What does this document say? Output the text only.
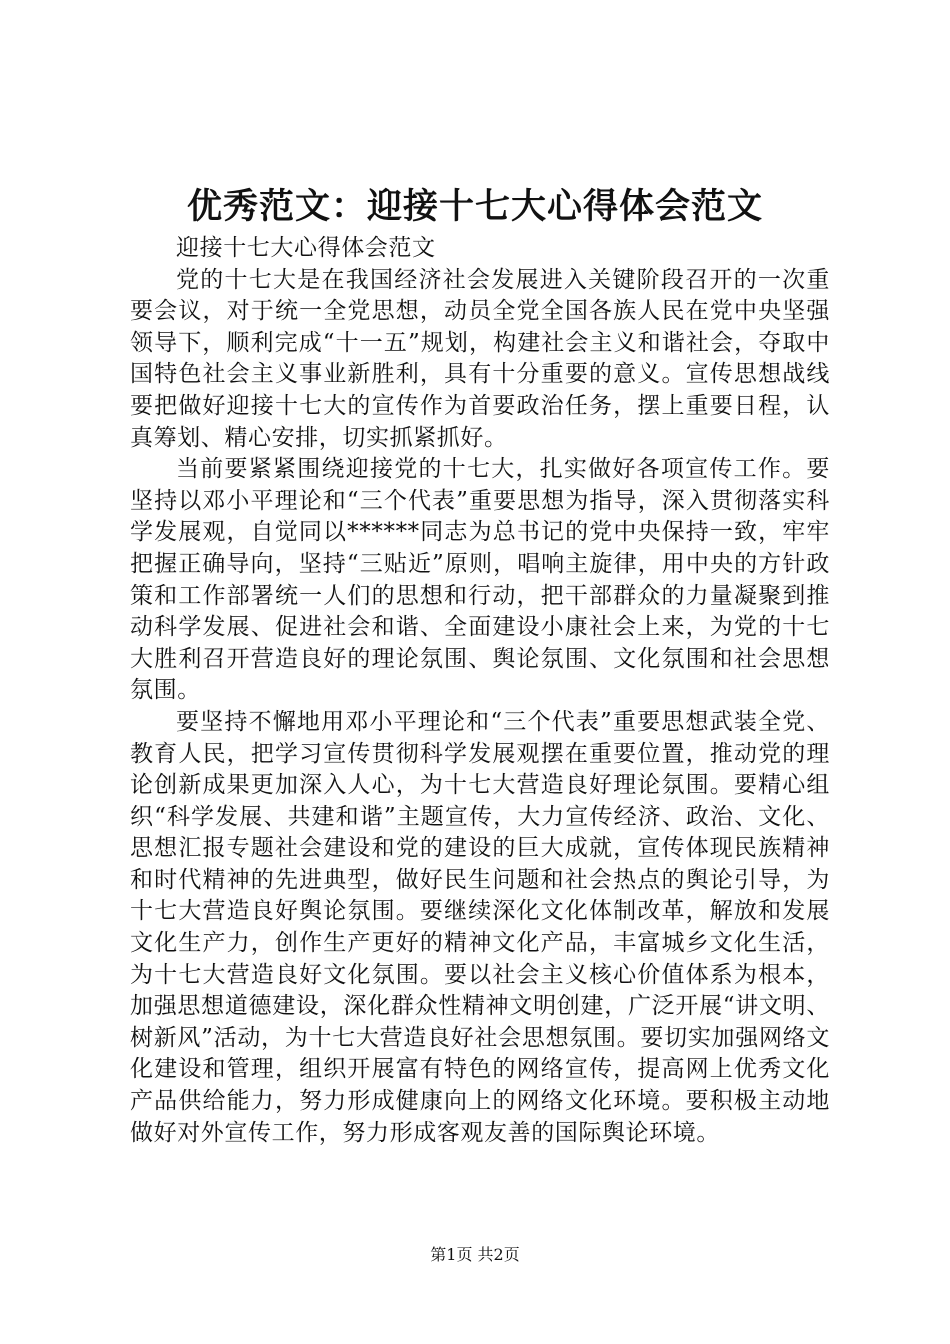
优秀范文：迎接十七大心得体会范文

迎接十七大心得体会范文

党的十七大是在我国经济社会发展进入关键阶段召开的一次重要会议，对于统一全党思想，动员全党全国各族人民在党中央坚强领导下，顺利完成“十一五”规划，构建社会主义和谐社会，夺取中国特色社会主义事业新胜利，具有十分重要的意义。宣传思想战线要把做好迎接十七大的宣传作为首要政治任务，摆上重要日程，认真筹划、精心安排，切实抓紧抓好。

当前要紧紧围绕迎接党的十七大，扎实做好各项宣传工作。要坚持以邓小平理论和“三个代表”重要思想为指导，深入贯彻落实科学发展观，自觉同以******同志为总书记的党中央保持一致，牢牢把握正确导向，坚持“三贴近”原则，唱响主旋律，用中央的方针政策和工作部署统一人们的思想和行动，把干部群众的力量凝聚到推动科学发展、促进社会和谐、全面建设小康社会上来，为党的十七大胜利召开营造良好的理论氛围、舆论氛围、文化氛围和社会思想氛围。

要坚持不懈地用邓小平理论和“三个代表”重要思想武装全党、教育人民，把学习宣传贯彻科学发展观摆在重要位置，推动党的理论创新成果更加深入人心，为十七大营造良好理论氛围。要精心组织“科学发展、共建和谐”主题宣传，大力宣传经济、政治、文化、思想汇报专题社会建设和党的建设的巨大成就，宣传体现民族精神和时代精神的先进典型，做好民生问题和社会热点的舆论引导，为十七大营造良好舆论氛围。要继续深化文化体制改革，解放和发展文化生产力，创作生产更好的精神文化产品，丰富城乡文化生活，为十七大营造良好文化氛围。要以社会主义核心价值体系为根本，加强思想道德建设，深化群众性精神文明创建，广泛开展“讲文明、树新风”活动，为十七大营造良好社会思想氛围。要切实加强网络文化建设和管理，组织开展富有特色的网络宣传，提高网上优秀文化产品供给能力，努力形成健康向上的网络文化环境。要积极主动地做好对外宣传工作，努力形成客观友善的国际舆论环境。

第1页 共2页
